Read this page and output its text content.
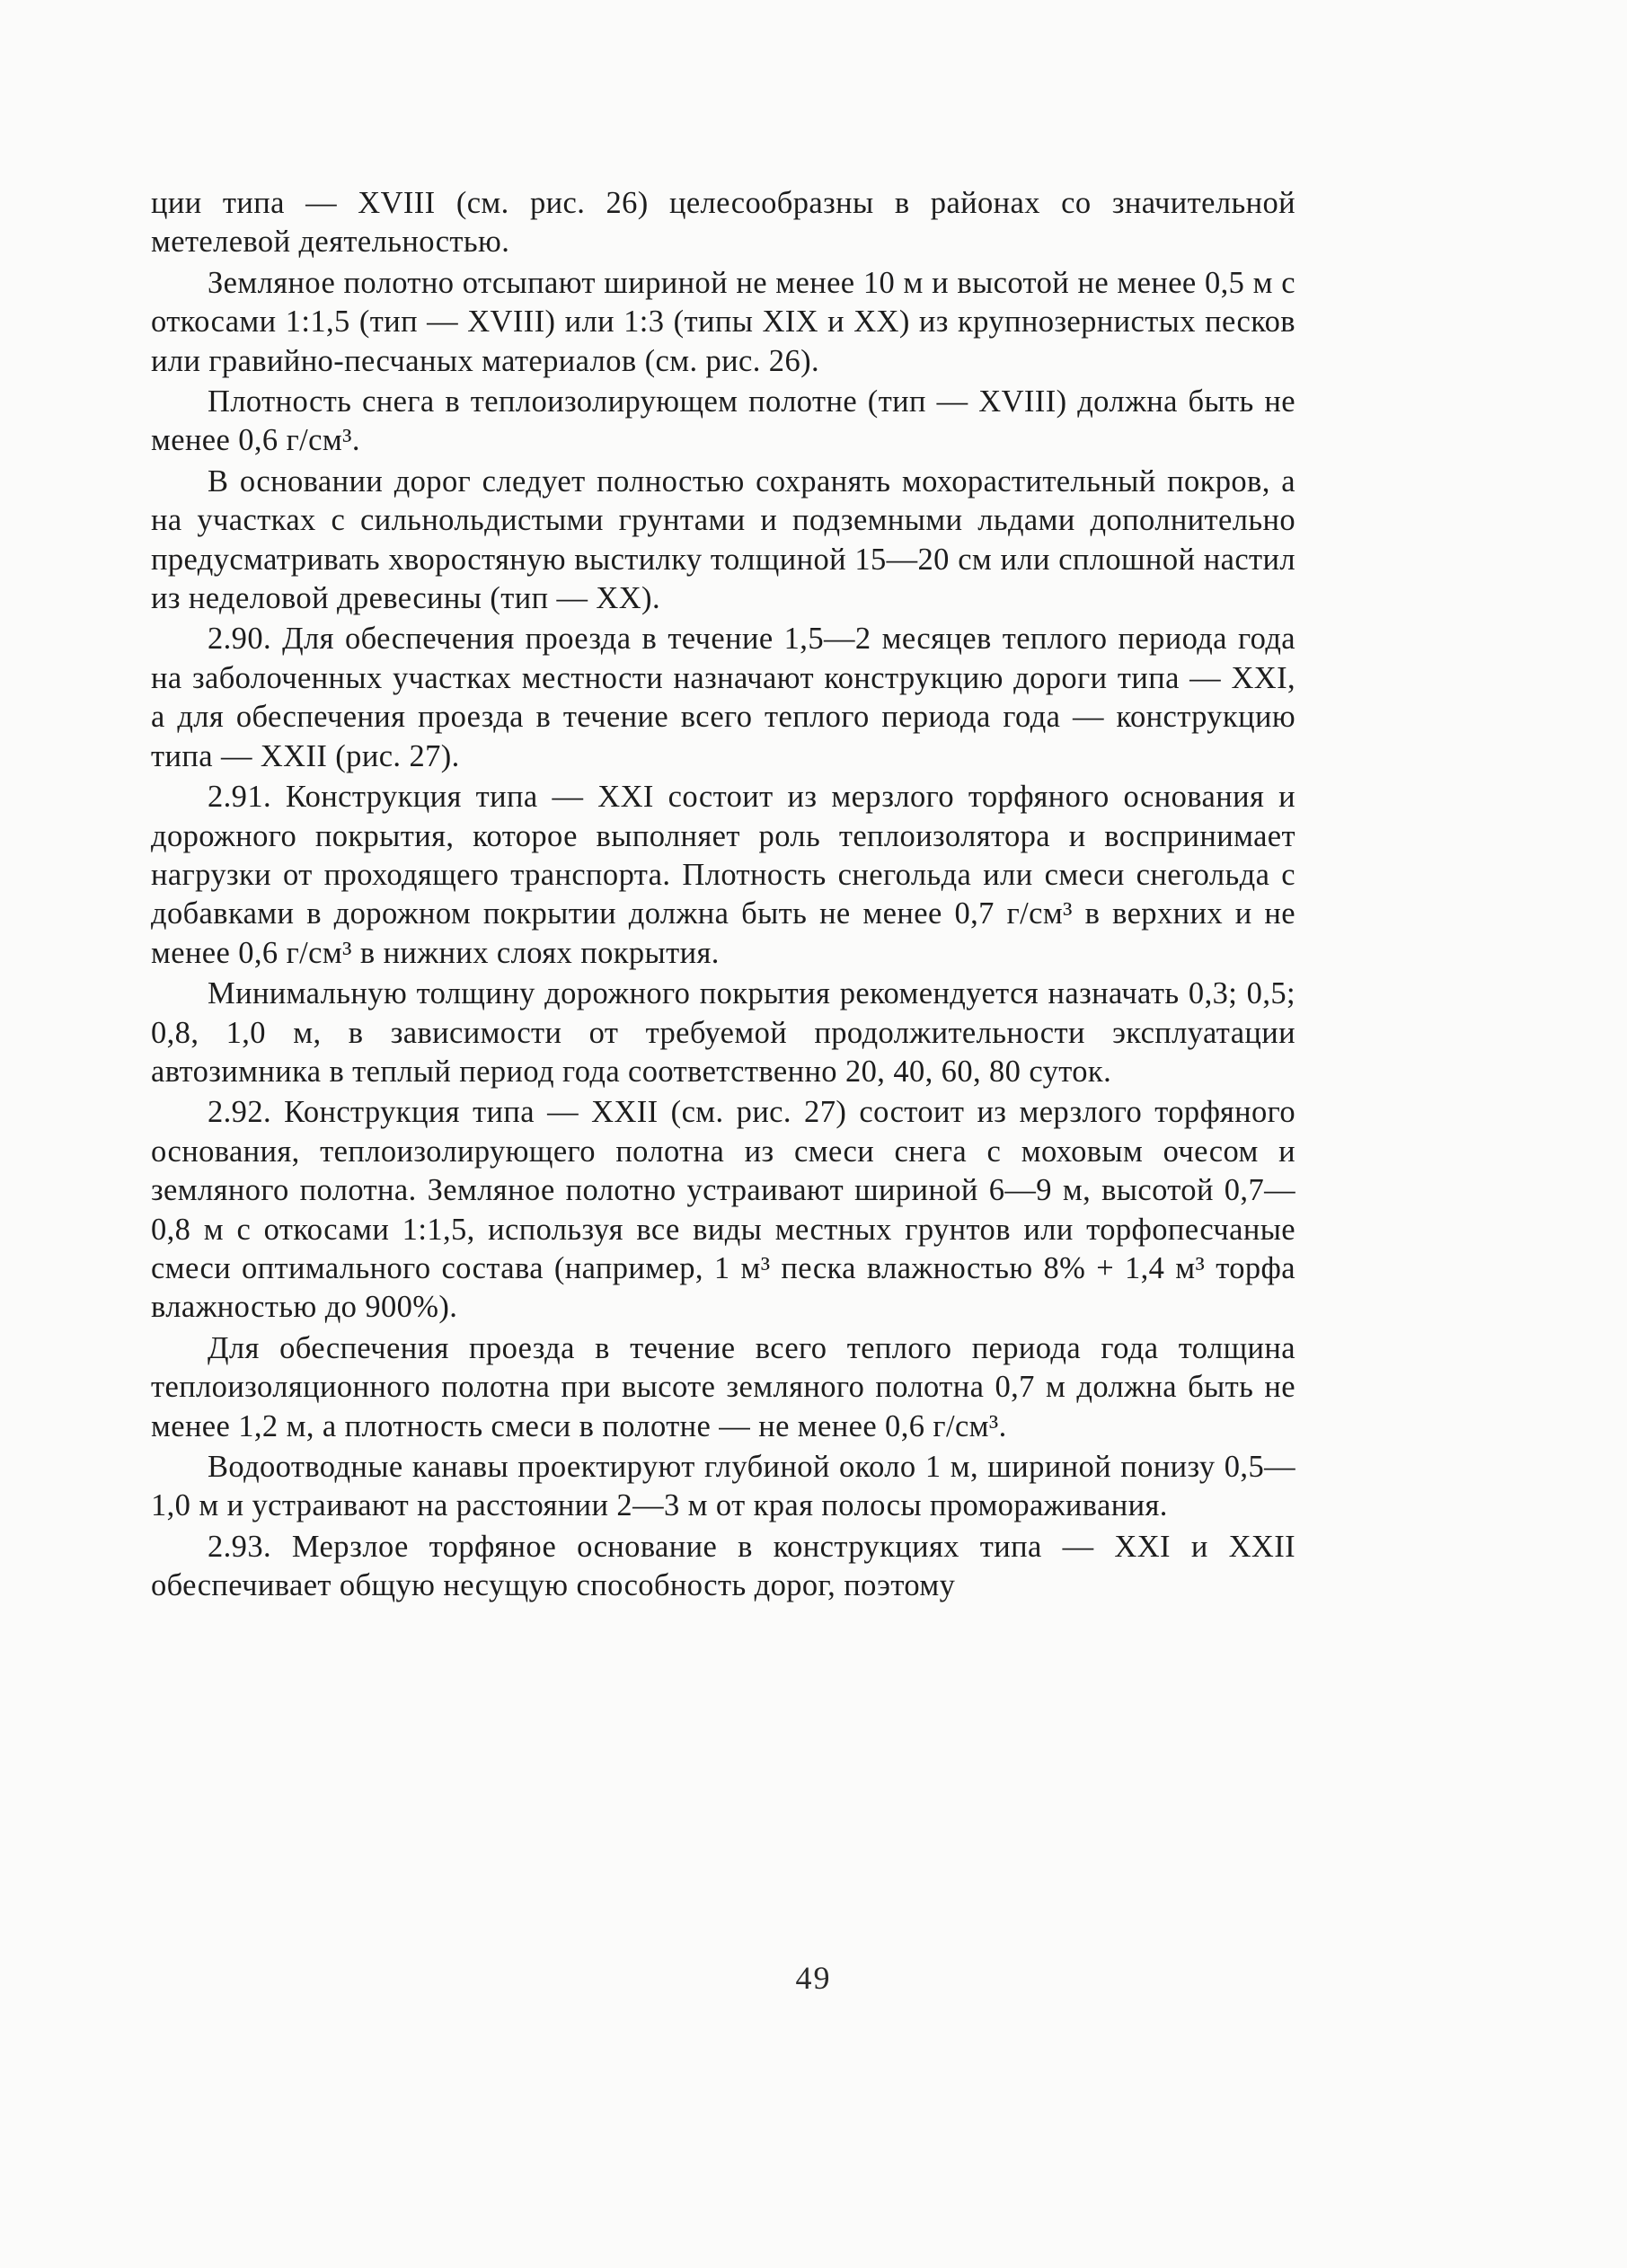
ции типа — XVIII (см. рис. 26) целесообразны в районах со значительной метелевой деятельностью.

Земляное полотно отсыпают шириной не менее 10 м и высотой не менее 0,5 м с откосами 1:1,5 (тип — XVIII) или 1:3 (типы XIX и XX) из крупнозернистых песков или гравийно-песчаных материалов (см. рис. 26).

Плотность снега в теплоизолирующем полотне (тип — XVIII) должна быть не менее 0,6 г/см³.

В основании дорог следует полностью сохранять мохорастительный покров, а на участках с сильнольдистыми грунтами и подземными льдами дополнительно предусматривать хворостяную выстилку толщиной 15—20 см или сплошной настил из неделовой древесины (тип — XX).

2.90. Для обеспечения проезда в течение 1,5—2 месяцев теплого периода года на заболоченных участках местности назначают конструкцию дороги типа — XXI, а для обеспечения проезда в течение всего теплого периода года — конструкцию типа — XXII (рис. 27).

2.91. Конструкция типа — XXI состоит из мерзлого торфяного основания и дорожного покрытия, которое выполняет роль теплоизолятора и воспринимает нагрузки от проходящего транспорта. Плотность снегольда или смеси снегольда с добавками в дорожном покрытии должна быть не менее 0,7 г/см³ в верхних и не менее 0,6 г/см³ в нижних слоях покрытия.

Минимальную толщину дорожного покрытия рекомендуется назначать 0,3; 0,5; 0,8, 1,0 м, в зависимости от требуемой продолжительности эксплуатации автозимника в теплый период года соответственно 20, 40, 60, 80 суток.

2.92. Конструкция типа — XXII (см. рис. 27) состоит из мерзлого торфяного основания, теплоизолирующего полотна из смеси снега с моховым очесом и земляного полотна. Земляное полотно устраивают шириной 6—9 м, высотой 0,7—0,8 м с откосами 1:1,5, используя все виды местных грунтов или торфопесчаные смеси оптимального состава (например, 1 м³ песка влажностью 8% + 1,4 м³ торфа влажностью до 900%).

Для обеспечения проезда в течение всего теплого периода года толщина теплоизоляционного полотна при высоте земляного полотна 0,7 м должна быть не менее 1,2 м, а плотность смеси в полотне — не менее 0,6 г/см³.

Водоотводные канавы проектируют глубиной около 1 м, шириной понизу 0,5—1,0 м и устраивают на расстоянии 2—3 м от края полосы промораживания.

2.93. Мерзлое торфяное основание в конструкциях типа — XXI и XXII обеспечивает общую несущую способность дорог, поэтому

49
